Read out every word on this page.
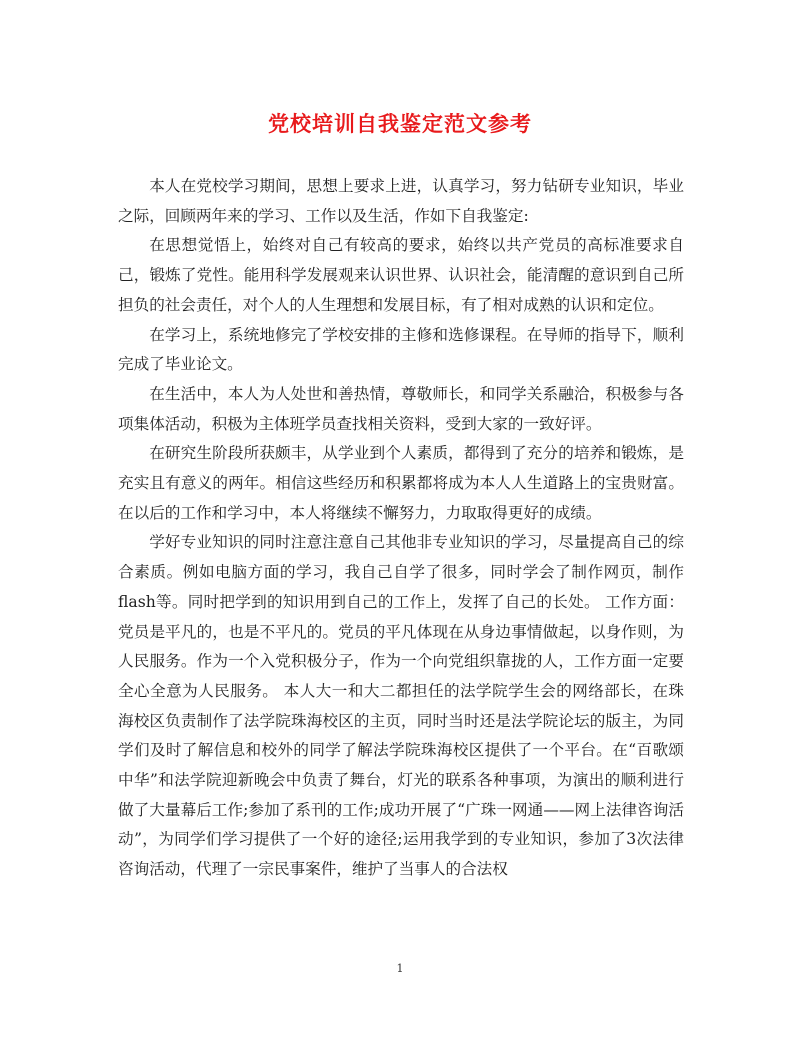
党校培训自我鉴定范文参考

本人在党校学习期间，思想上要求上进，认真学习，努力钻研专业知识，毕业之际，回顾两年来的学习、工作以及生活，作如下自我鉴定:

在思想觉悟上，始终对自己有较高的要求，始终以共产党员的高标准要求自己，锻炼了党性。能用科学发展观来认识世界、认识社会，能清醒的意识到自己所担负的社会责任，对个人的人生理想和发展目标，有了相对成熟的认识和定位。

在学习上，系统地修完了学校安排的主修和选修课程。在导师的指导下，顺利完成了毕业论文。

在生活中，本人为人处世和善热情，尊敬师长，和同学关系融洽，积极参与各项集体活动，积极为主体班学员查找相关资料，受到大家的一致好评。

在研究生阶段所获颇丰，从学业到个人素质，都得到了充分的培养和锻炼，是充实且有意义的两年。相信这些经历和积累都将成为本人人生道路上的宝贵财富。在以后的工作和学习中，本人将继续不懈努力，力取取得更好的成绩。

学好专业知识的同时注意注意自己其他非专业知识的学习，尽量提高自己的综合素质。例如电脑方面的学习，我自己自学了很多，同时学会了制作网页，制作flash等。同时把学到的知识用到自己的工作上，发挥了自己的长处。 工作方面： 党员是平凡的，也是不平凡的。党员的平凡体现在从身边事情做起，以身作则，为人民服务。作为一个入党积极分子，作为一个向党组织靠拢的人，工作方面一定要全心全意为人民服务。 本人大一和大二都担任的法学院学生会的网络部长，在珠海校区负责制作了法学院珠海校区的主页，同时当时还是法学院论坛的版主，为同学们及时了解信息和校外的同学了解法学院珠海校区提供了一个平台。在“百歌颂中华”和法学院迎新晚会中负责了舞台，灯光的联系各种事项，为演出的顺利进行做了大量幕后工作;参加了系刊的工作;成功开展了“广珠一网通——网上法律咨询活动”，为同学们学习提供了一个好的途径;运用我学到的专业知识，参加了3次法律咨询活动，代理了一宗民事案件，维护了当事人的合法权

1
